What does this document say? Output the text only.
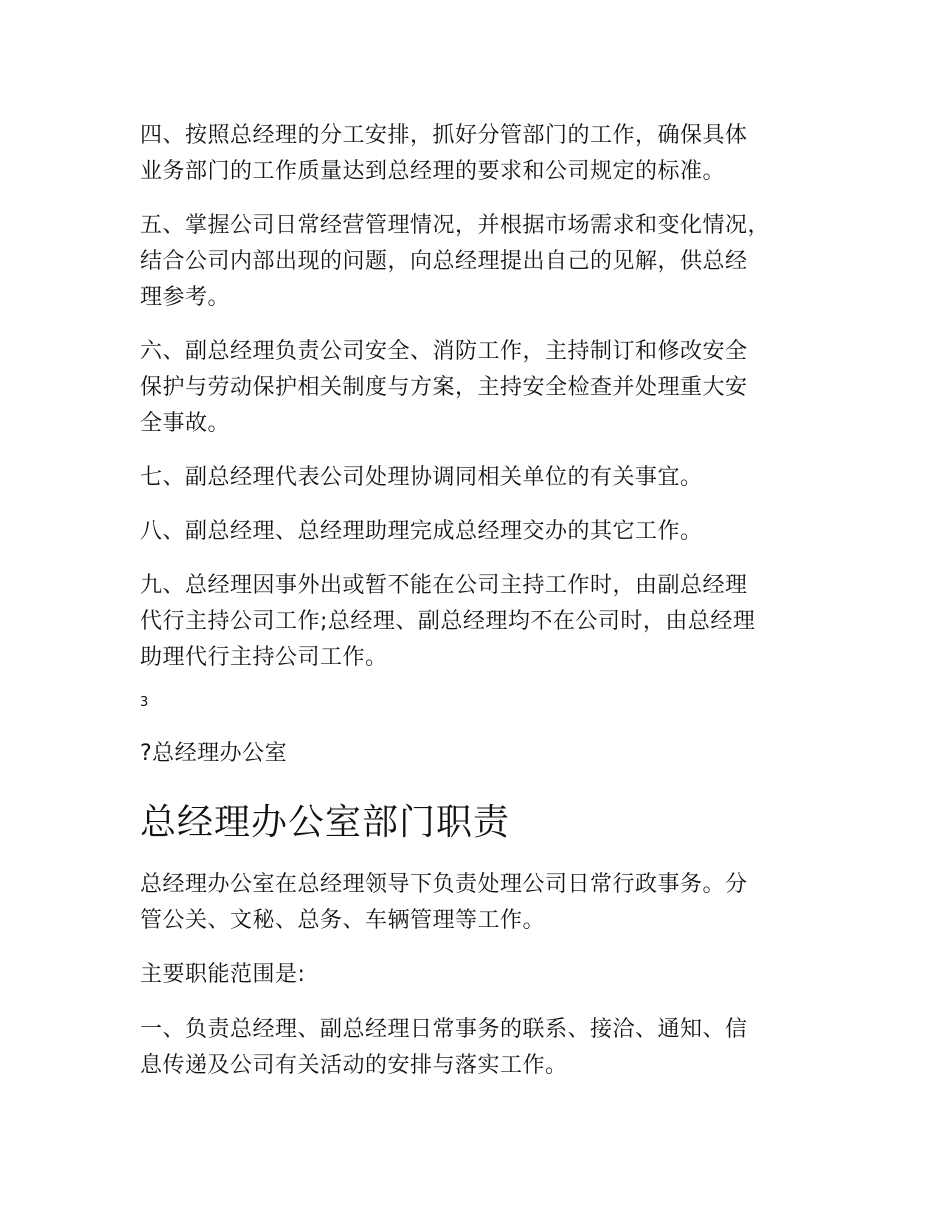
四、按照总经理的分工安排，抓好分管部门的工作，确保具体
业务部门的工作质量达到总经理的要求和公司规定的标准。

五、掌握公司日常经营管理情况，并根据市场需求和变化情况，
结合公司内部出现的问题，向总经理提出自己的见解，供总经
理参考。

六、副总经理负责公司安全、消防工作，主持制订和修改安全
保护与劳动保护相关制度与方案，主持安全检查并处理重大安
全事故。

七、副总经理代表公司处理协调同相关单位的有关事宜。

八、副总经理、总经理助理完成总经理交办的其它工作。

九、总经理因事外出或暂不能在公司主持工作时，由副总经理
代行主持公司工作;总经理、副总经理均不在公司时，由总经理
助理代行主持公司工作。

3

?总经理办公室

总经理办公室部门职责

总经理办公室在总经理领导下负责处理公司日常行政事务。分
管公关、文秘、总务、车辆管理等工作。

主要职能范围是:

一、负责总经理、副总经理日常事务的联系、接洽、通知、信
息传递及公司有关活动的安排与落实工作。
